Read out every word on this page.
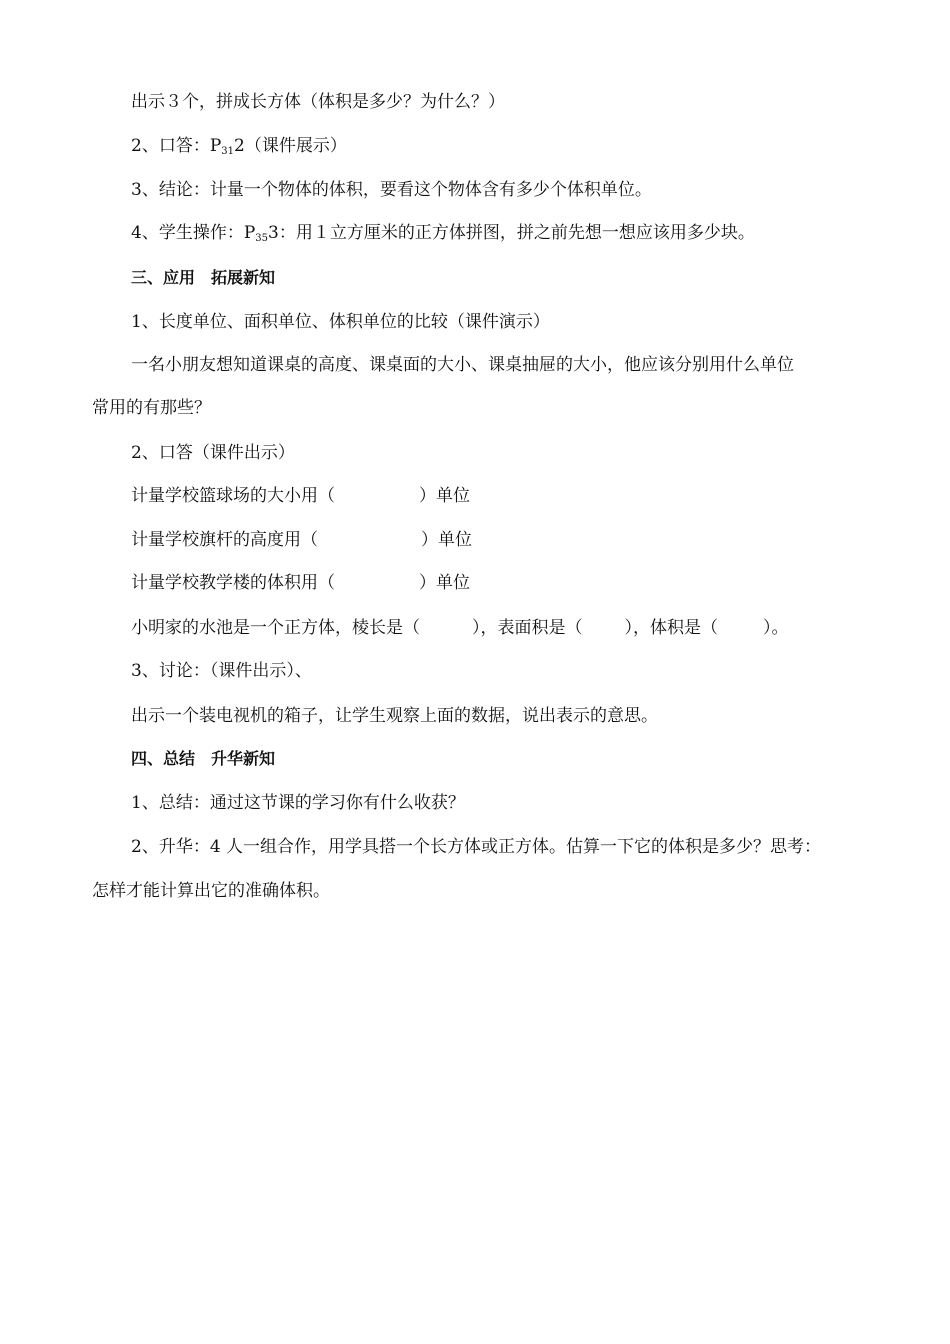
出示３个，拼成长方体（体积是多少？为什么？）
2、口答：$P_{31}2$（课件展示）
3、结论：计量一个物体的体积，要看这个物体含有多少个体积单位。
4、学生操作：$P_{35}3$：用１立方厘米的正方体拼图，拼之前先想一想应该用多少块。
三、应用　拓展新知
1、长度单位、面积单位、体积单位的比较（课件演示）
一名小朋友想知道课桌的高度、课桌面的大小、课桌抽屉的大小，他应该分别用什么单位
常用的有那些？
2、口答（课件出示）
计量学校篮球场的大小用（	）单位
计量学校旗杆的高度用（	）单位
计量学校教学楼的体积用（	）单位
小明家的水池是一个正方体，棱长是（	），表面积是（ ），体积是（	）。
3、讨论：（课件出示）、
出示一个装电视机的箱子，让学生观察上面的数据，说出表示的意思。
四、总结　升华新知
1、总结：通过这节课的学习你有什么收获？
2、升华：4 人一组合作，用学具搭一个长方体或正方体。估算一下它的体积是多少？思考：
怎样才能计算出它的准确体积。
